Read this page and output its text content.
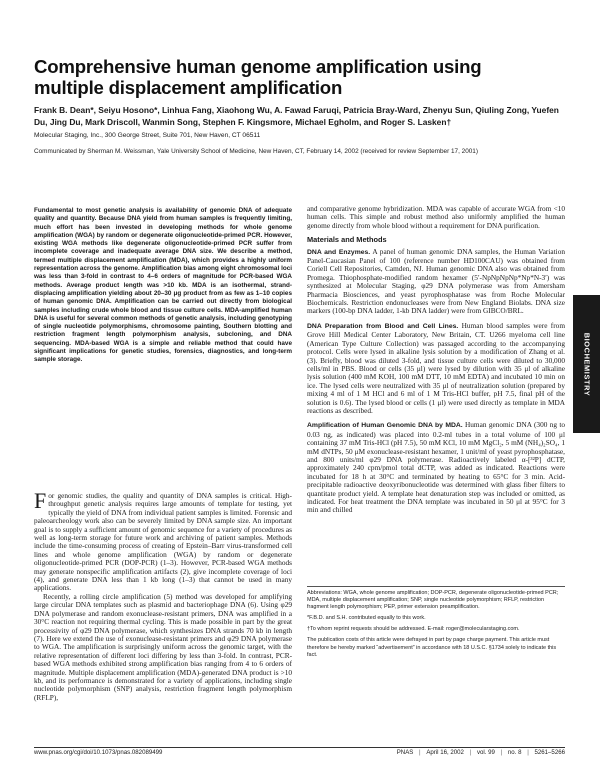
Comprehensive human genome amplification using multiple displacement amplification
Frank B. Dean*, Seiyu Hosono*, Linhua Fang, Xiaohong Wu, A. Fawad Faruqi, Patricia Bray-Ward, Zhenyu Sun, Qiuling Zong, Yuefen Du, Jing Du, Mark Driscoll, Wanmin Song, Stephen F. Kingsmore, Michael Egholm, and Roger S. Lasken†
Molecular Staging, Inc., 300 George Street, Suite 701, New Haven, CT 06511
Communicated by Sherman M. Weissman, Yale University School of Medicine, New Haven, CT, February 14, 2002 (received for review September 17, 2001)

Fundamental to most genetic analysis is availability of genomic DNA of adequate quality and quantity. Because DNA yield from human samples is frequently limiting, much effort has been invested in developing methods for whole genome amplification (WGA) by random or degenerate oligonucleotide-primed PCR. However, existing WGA methods like degenerate oligonucleotide-primed PCR suffer from incomplete coverage and inadequate average DNA size. We describe a method, termed multiple displacement amplification (MDA), which provides a highly uniform representation across the genome. Amplification bias among eight chromosomal loci was less than 3-fold in contrast to 4–6 orders of magnitude for PCR-based WGA methods. Average product length was >10 kb. MDA is an isothermal, strand-displacing amplification yielding about 20–30 μg product from as few as 1–10 copies of human genomic DNA. Amplification can be carried out directly from biological samples including crude whole blood and tissue culture cells. MDA-amplified human DNA is useful for several common methods of genetic analysis, including genotyping of single nucleotide polymorphisms, chromosome painting, Southern blotting and restriction fragment length polymorphism analysis, subcloning, and DNA sequencing. MDA-based WGA is a simple and reliable method that could have significant implications for genetic studies, forensics, diagnostics, and long-term sample storage.

For genomic studies, the quality and quantity of DNA samples is critical. High-throughput genetic analysis requires large amounts of template for testing, yet typically the yield of DNA from individual patient samples is limited. Forensic and paleoarcheology work also can be severely limited by DNA sample size. An important goal is to supply a sufficient amount of genomic sequence for a variety of procedures as well as long-term storage for future work and archiving of patient samples. Methods include the time-consuming process of creating of Epstein–Barr virus-transformed cell lines and whole genome amplification (WGA) by random or degenerate oligonucleotide-primed PCR (DOP-PCR) (1–3). However, PCR-based WGA methods may generate nonspecific amplification artifacts (2), give incomplete coverage of loci (4), and generate DNA less than 1 kb long (1–3) that cannot be used in many applications.

Recently, a rolling circle amplification (5) method was developed for amplifying large circular DNA templates such as plasmid and bacteriophage DNA (6). Using φ29 DNA polymerase and random exonuclease-resistant primers, DNA was amplified in a 30°C reaction not requiring thermal cycling. This is made possible in part by the great processivity of φ29 DNA polymerase, which synthesizes DNA strands 70 kb in length (7). Here we extend the use of exonuclease-resistant primers and φ29 DNA polymerase to WGA. The amplification is surprisingly uniform across the genomic target, with the relative representation of different loci differing by less than 3-fold. In contrast, PCR-based WGA methods exhibited strong amplification bias ranging from 4 to 6 orders of magnitude. Multiple displacement amplification (MDA)-generated DNA product is >10 kb, and its performance is demonstrated for a variety of applications, including single nucleotide polymorphism (SNP) analysis, restriction fragment length polymorphism (RFLP),

and comparative genome hybridization. MDA was capable of accurate WGA from <10 human cells. This simple and robust method also uniformly amplified the human genome directly from whole blood without a requirement for DNA purification.

Materials and Methods

DNA and Enzymes. A panel of human genomic DNA samples, the Human Variation Panel-Caucasian Panel of 100 (reference number HD100CAU) was obtained from Coriell Cell Repositories, Camden, NJ. Human genomic DNA also was obtained from Promega. Thiophosphate-modified random hexamer (5′-NpNpNpNp*Np*N-3′) was synthesized at Molecular Staging, φ29 DNA polymerase was from Amersham Pharmacia Biosciences, and yeast pyrophosphatase was from Roche Molecular Biochemicals. Restriction endonucleases were from New England Biolabs. DNA size markers (100-bp DNA ladder, 1-kb DNA ladder) were from GIBCO/BRL.

DNA Preparation from Blood and Cell Lines. Human blood samples were from Grove Hill Medical Center Laboratory, New Britain, CT. U266 myeloma cell line (American Type Culture Collection) was passaged according to the accompanying protocol. Cells were lysed in alkaline lysis solution by a modification of Zhang et al. (3). Briefly, blood was diluted 3-fold, and tissue culture cells were diluted to 30,000 cells/ml in PBS. Blood or cells (35 μl) were lysed by dilution with 35 μl of alkaline lysis solution (400 mM KOH, 100 mM DTT, 10 mM EDTA) and incubated 10 min on ice. The lysed cells were neutralized with 35 μl of neutralization solution (prepared by mixing 4 ml of 1 M HCl and 6 ml of 1 M Tris-HCl buffer, pH 7.5, final pH of the solution is 0.6). The lysed blood or cells (1 μl) were used directly as template in MDA reactions as described.

Amplification of Human Genomic DNA by MDA. Human genomic DNA (300 ng to 0.03 ng, as indicated) was placed into 0.2-ml tubes in a total volume of 100 μl containing 37 mM Tris-HCl (pH 7.5), 50 mM KCl, 10 mM MgCl₂, 5 mM (NH₄)₂SO₄, 1 mM dNTPs, 50 μM exonuclease-resistant hexamer, 1 unit/ml of yeast pyrophosphatase, and 800 units/ml φ29 DNA polymerase. Radioactively labeled α-[³²P] dCTP, approximately 240 cpm/pmol total dCTP, was added as indicated. Reactions were incubated for 18 h at 30°C and terminated by heating to 65°C for 3 min. Acid-precipitable radioactive deoxyribonucleotide was determined with glass fiber filters to quantitate product yield. A template heat denaturation step was included or omitted, as indicated. For heat treatment the DNA template was incubated in 50 μl at 95°C for 3 min and chilled

Abbreviations: WGA, whole genome amplification; DOP-PCR, degenerate oligonucleotide-primed PCR; MDA, multiple displacement amplification; SNP, single nucleotide polymorphism; RFLP, restriction fragment length polymorphism; PEP, primer extension preamplification.

*F.B.D. and S.H. contributed equally to this work.

†To whom reprint requests should be addressed. E-mail: roger@molecularstaging.com.

The publication costs of this article were defrayed in part by page charge payment. This article must therefore be hereby marked “advertisement” in accordance with 18 U.S.C. §1734 solely to indicate this fact.

BIOCHEMISTRY
www.pnas.org/cgi/doi/10.1073/pnas.082089499	PNAS | April 16, 2002 | vol. 99 | no. 8 | 5261–5266
